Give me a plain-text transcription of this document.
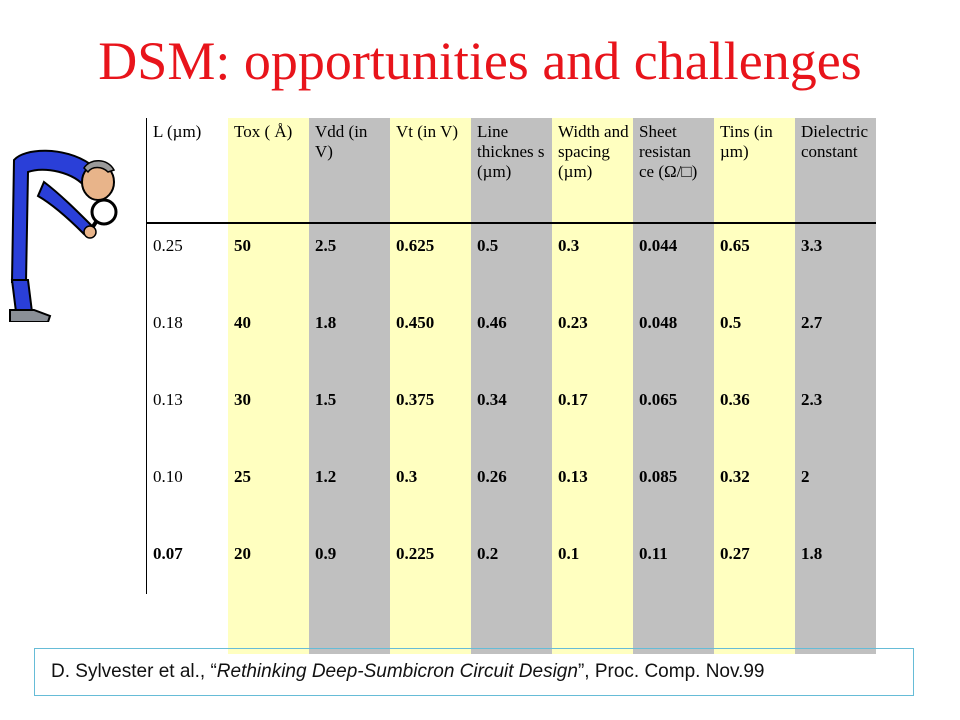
DSM: opportunities and challenges
L (µm)	Tox ( Å)	Vdd (in V)	Vt (in V)	Line thicknes s (µm)	Width and spacing (µm)	Sheet resistan ce (Ω/□)	Tins (in µm)	Dielectric constant
0.25	50	2.5	0.625	0.5	0.3	0.044	0.65	3.3
0.18	40	1.8	0.450	0.46	0.23	0.048	0.5	2.7
0.13	30	1.5	0.375	0.34	0.17	0.065	0.36	2.3
0.10	25	1.2	0.3	0.26	0.13	0.085	0.32	2
0.07	20	0.9	0.225	0.2	0.1	0.11	0.27	1.8
D. Sylvester et al., “Rethinking Deep-Sumbicron Circuit Design”, Proc. Comp. Nov.99
